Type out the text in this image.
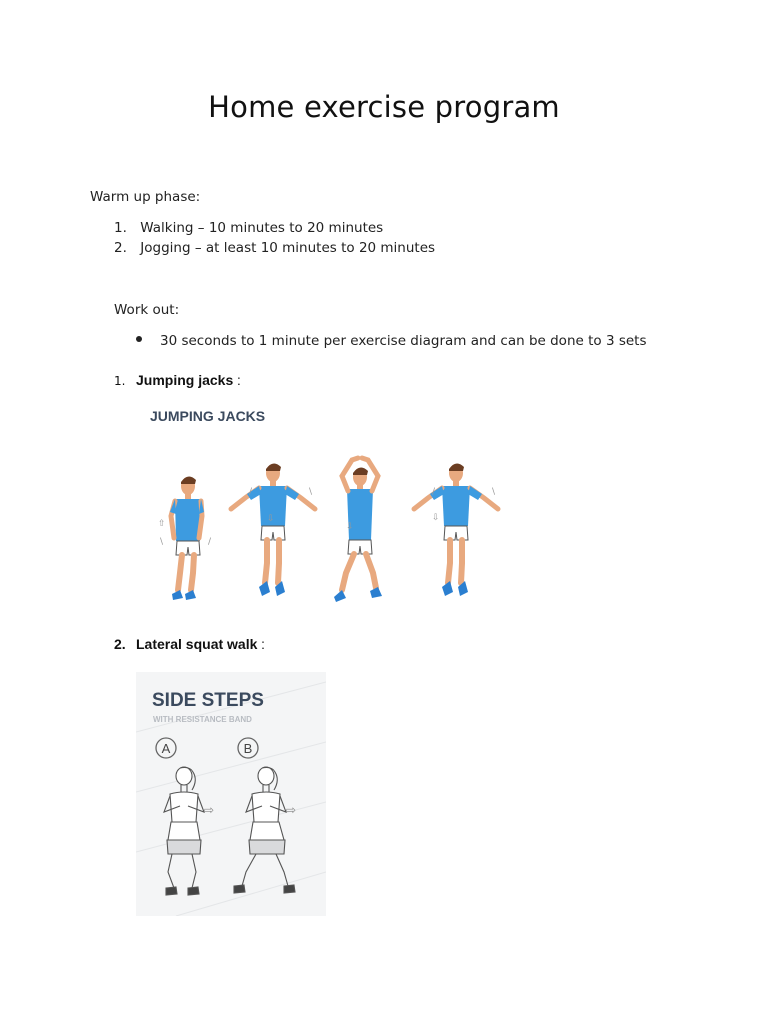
Home exercise program
Warm up phase:
1. Walking – 10 minutes to 20 minutes
2. Jogging – at least 10 minutes to 20 minutes
Work out:
30 seconds to 1 minute per exercise diagram and can be done to 3 sets
1. Jumping jacks :
JUMPING JACKS
⇧
\	/
/	\
⇩
⇩
/	\
⇩
2. Lateral squat walk :
SIDE STEPS
WITH RESISTANCE BAND
A	B
⇨	⇨
